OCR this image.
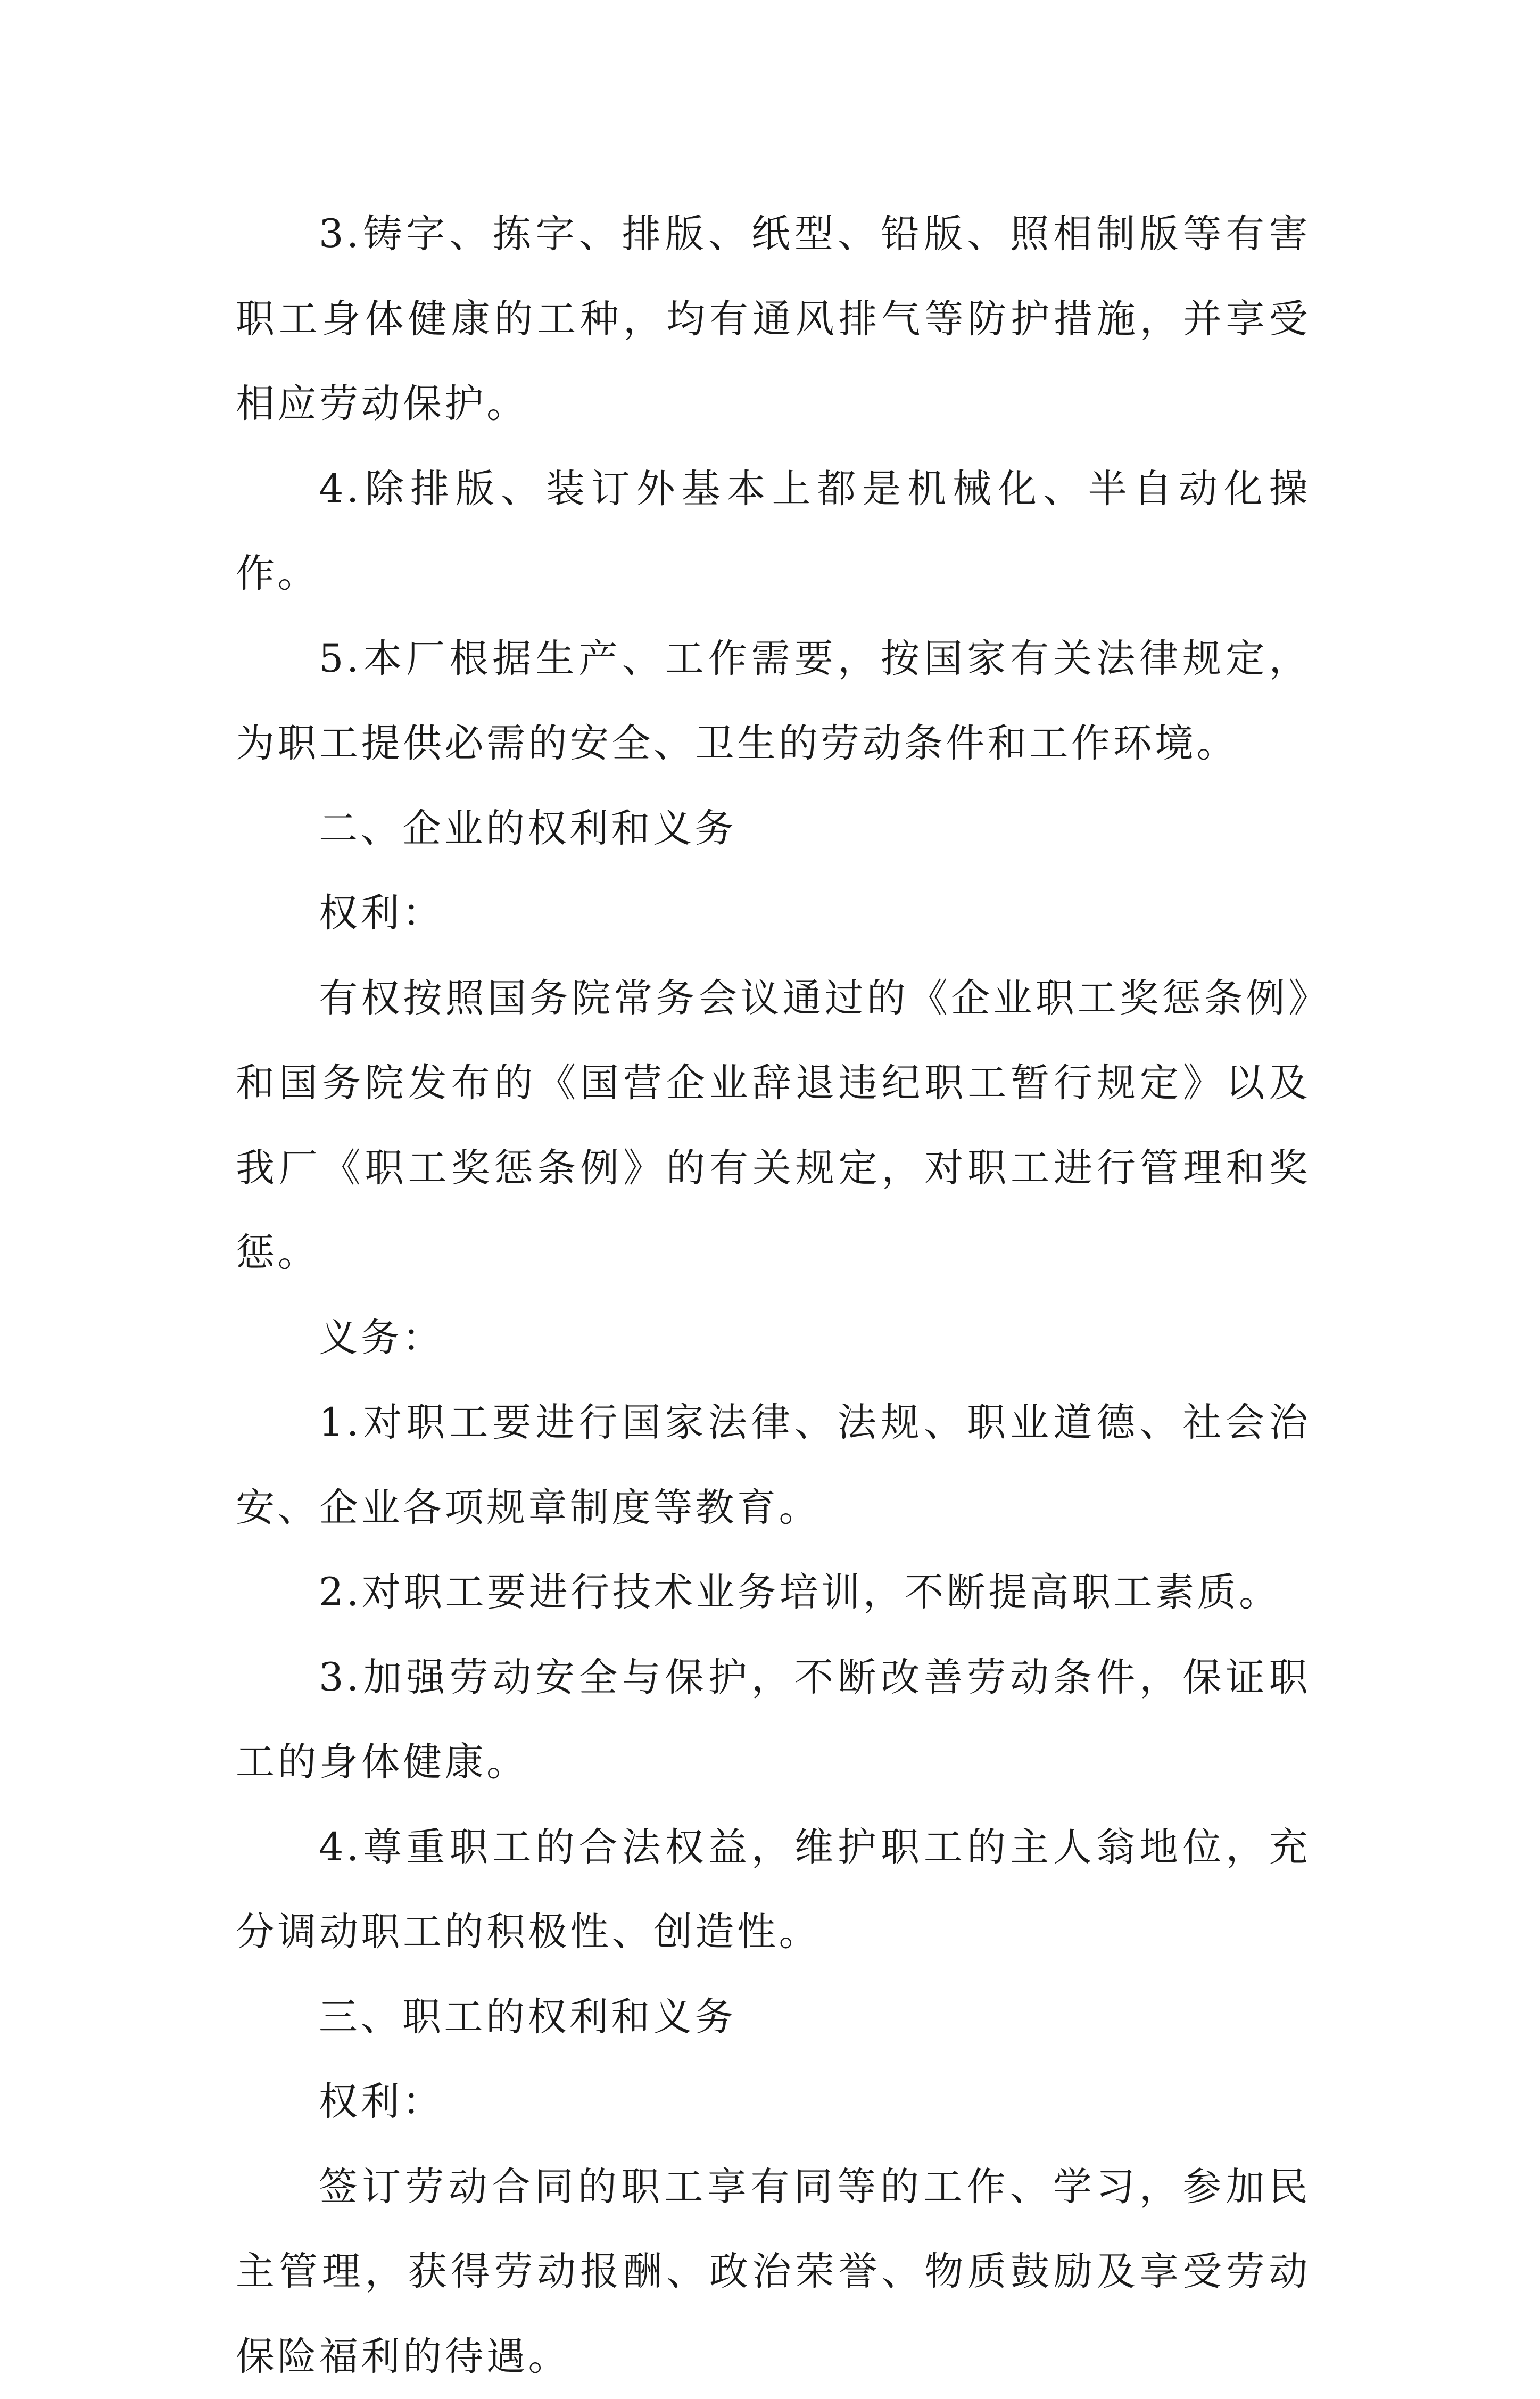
3.铸字、拣字、排版、纸型、铅版、照相制版等有害职工身体健康的工种，均有通风排气等防护措施，并享受相应劳动保护。

4.除排版、装订外基本上都是机械化、半自动化操作。

5.本厂根据生产、工作需要，按国家有关法律规定，为职工提供必需的安全、卫生的劳动条件和工作环境。

二、企业的权利和义务

权利：

有权按照国务院常务会议通过的《企业职工奖惩条例》和国务院发布的《国营企业辞退违纪职工暂行规定》以及我厂《职工奖惩条例》的有关规定，对职工进行管理和奖惩。

义务：

1.对职工要进行国家法律、法规、职业道德、社会治安、企业各项规章制度等教育。

2.对职工要进行技术业务培训，不断提高职工素质。

3.加强劳动安全与保护，不断改善劳动条件，保证职工的身体健康。

4.尊重职工的合法权益，维护职工的主人翁地位，充分调动职工的积极性、创造性。

三、职工的权利和义务

权利：

签订劳动合同的职工享有同等的工作、学习，参加民主管理，获得劳动报酬、政治荣誉、物质鼓励及享受劳动保险福利的待遇。
